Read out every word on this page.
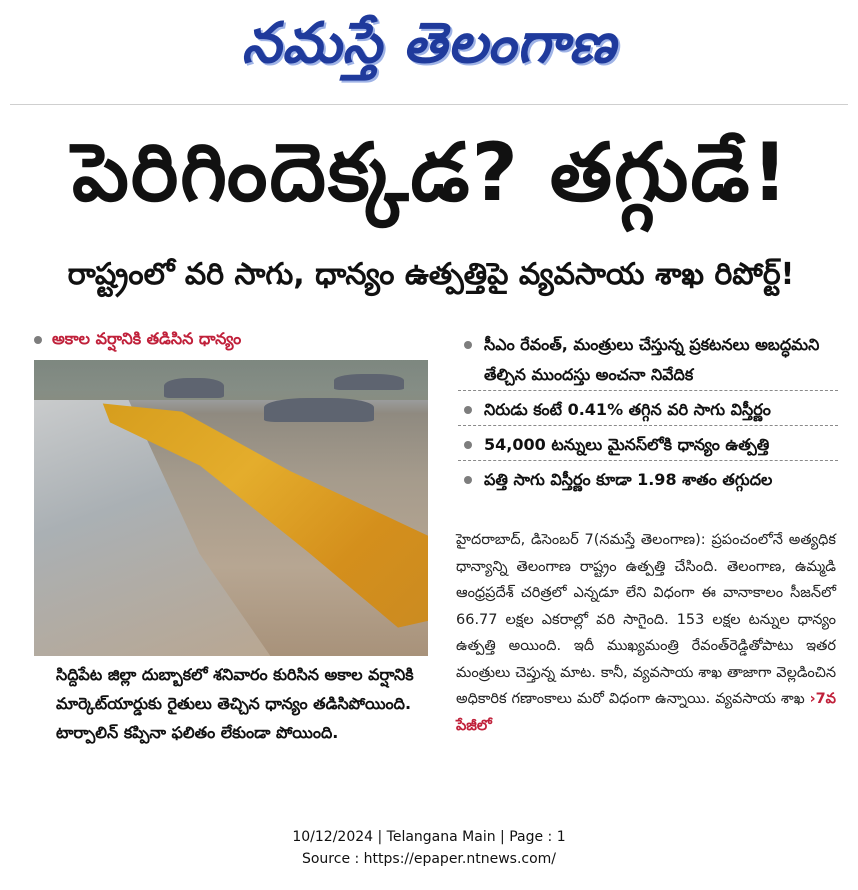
నమస్తే తెలంగాణ
పెరిగిందెక్కడ? తగ్గుడే!
రాష్ట్రంలో వరి సాగు, ధాన్యం ఉత్పత్తిపై వ్యవసాయ శాఖ రిపోర్ట్!
అకాల వర్షానికి తడిసిన ధాన్యం
సిద్దిపేట జిల్లా దుబ్బాకలో శనివారం కురిసిన అకాల వర్షానికి మార్కెట్‌యార్డుకు రైతులు తెచ్చిన ధాన్యం తడిసిపోయింది. టార్పాలిన్ కప్పినా ఫలితం లేకుండా పోయింది.
సీఎం రేవంత్, మంత్రులు చేస్తున్న ప్రకటనలు అబద్ధమని తేల్చిన ముందస్తు అంచనా నివేదిక
నిరుడు కంటే 0.41% తగ్గిన వరి సాగు విస్తీర్ణం
54,000 టన్నులు మైనస్‌లోకి ధాన్యం ఉత్పత్తి
పత్తి సాగు విస్తీర్ణం కూడా 1.98 శాతం తగ్గుదల
హైదరాబాద్, డిసెంబర్ 7(నమస్తే తెలంగాణ): ప్రపంచంలోనే అత్యధిక ధాన్యాన్ని తెలంగాణ రాష్ట్రం ఉత్పత్తి చేసింది. తెలంగాణ, ఉమ్మడి ఆంధ్రప్రదేశ్ చరిత్రలో ఎన్నడూ లేని విధంగా ఈ వానాకాలం సీజన్‌లో 66.77 లక్షల ఎకరాల్లో వరి సాగైంది. 153 లక్షల టన్నుల ధాన్యం ఉత్పత్తి అయింది. ఇదీ ముఖ్యమంత్రి రేవంత్‌రెడ్డితోపాటు ఇతర మంత్రులు చెప్తున్న మాట. కానీ, వ్యవసాయ శాఖ తాజాగా వెల్లడించిన అధికారిక గణాంకాలు మరో విధంగా ఉన్నాయి. వ్యవసాయ శాఖ ›7వ పేజీలో
10/12/2024 | Telangana Main | Page : 1
Source : https://epaper.ntnews.com/
